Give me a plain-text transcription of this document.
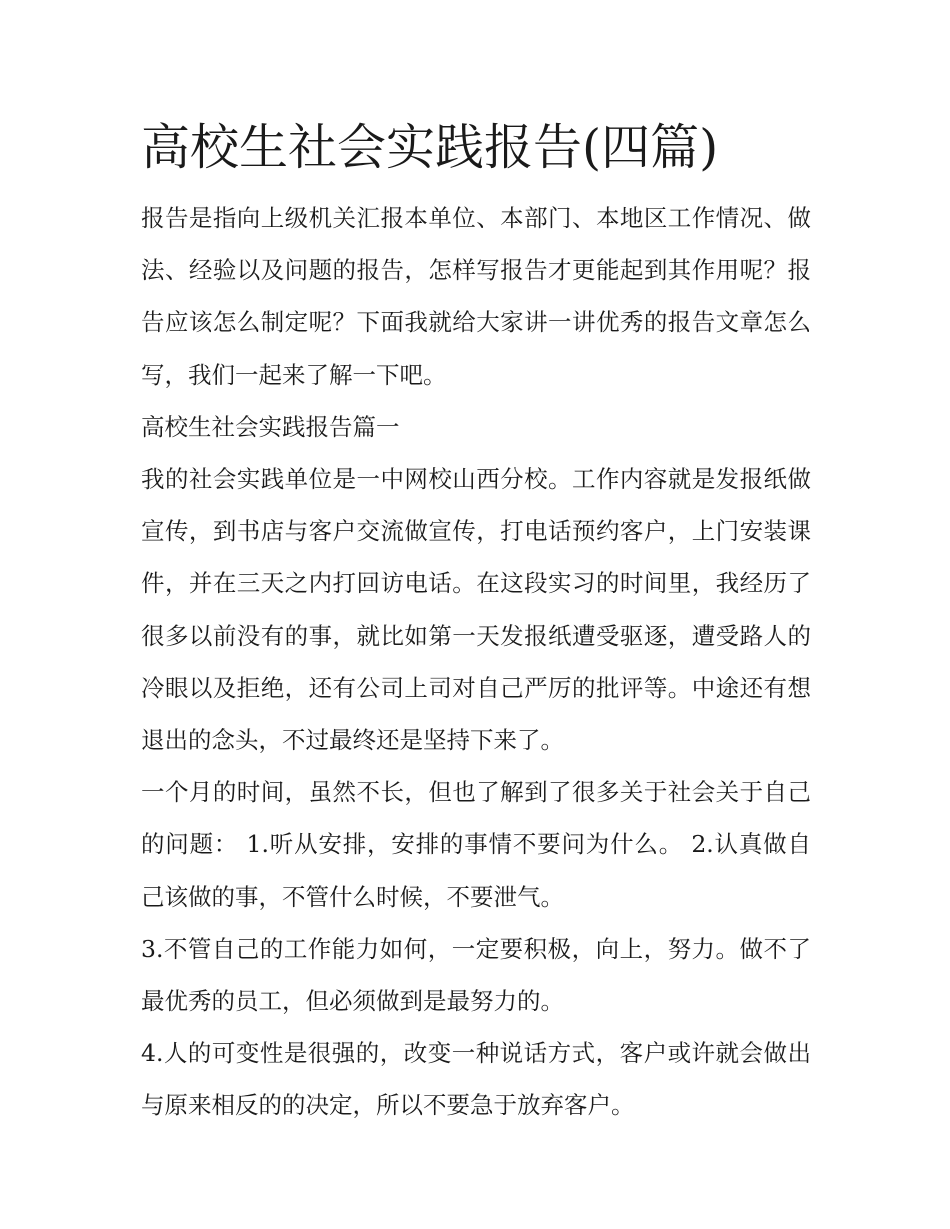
高校生社会实践报告(四篇)

报告是指向上级机关汇报本单位、本部门、本地区工作情况、做法、经验以及问题的报告，怎样写报告才更能起到其作用呢？报告应该怎么制定呢？下面我就给大家讲一讲优秀的报告文章怎么写，我们一起来了解一下吧。

高校生社会实践报告篇一

我的社会实践单位是一中网校山西分校。工作内容就是发报纸做宣传，到书店与客户交流做宣传，打电话预约客户，上门安装课件，并在三天之内打回访电话。在这段实习的时间里，我经历了很多以前没有的事，就比如第一天发报纸遭受驱逐，遭受路人的冷眼以及拒绝，还有公司上司对自己严厉的批评等。中途还有想退出的念头，不过最终还是坚持下来了。

一个月的时间，虽然不长，但也了解到了很多关于社会关于自己的问题： 1.听从安排，安排的事情不要问为什么。 2.认真做自己该做的事，不管什么时候，不要泄气。

3.不管自己的工作能力如何，一定要积极，向上，努力。做不了最优秀的员工，但必须做到是最努力的。

4.人的可变性是很强的，改变一种说话方式，客户或许就会做出与原来相反的的决定，所以不要急于放弃客户。
